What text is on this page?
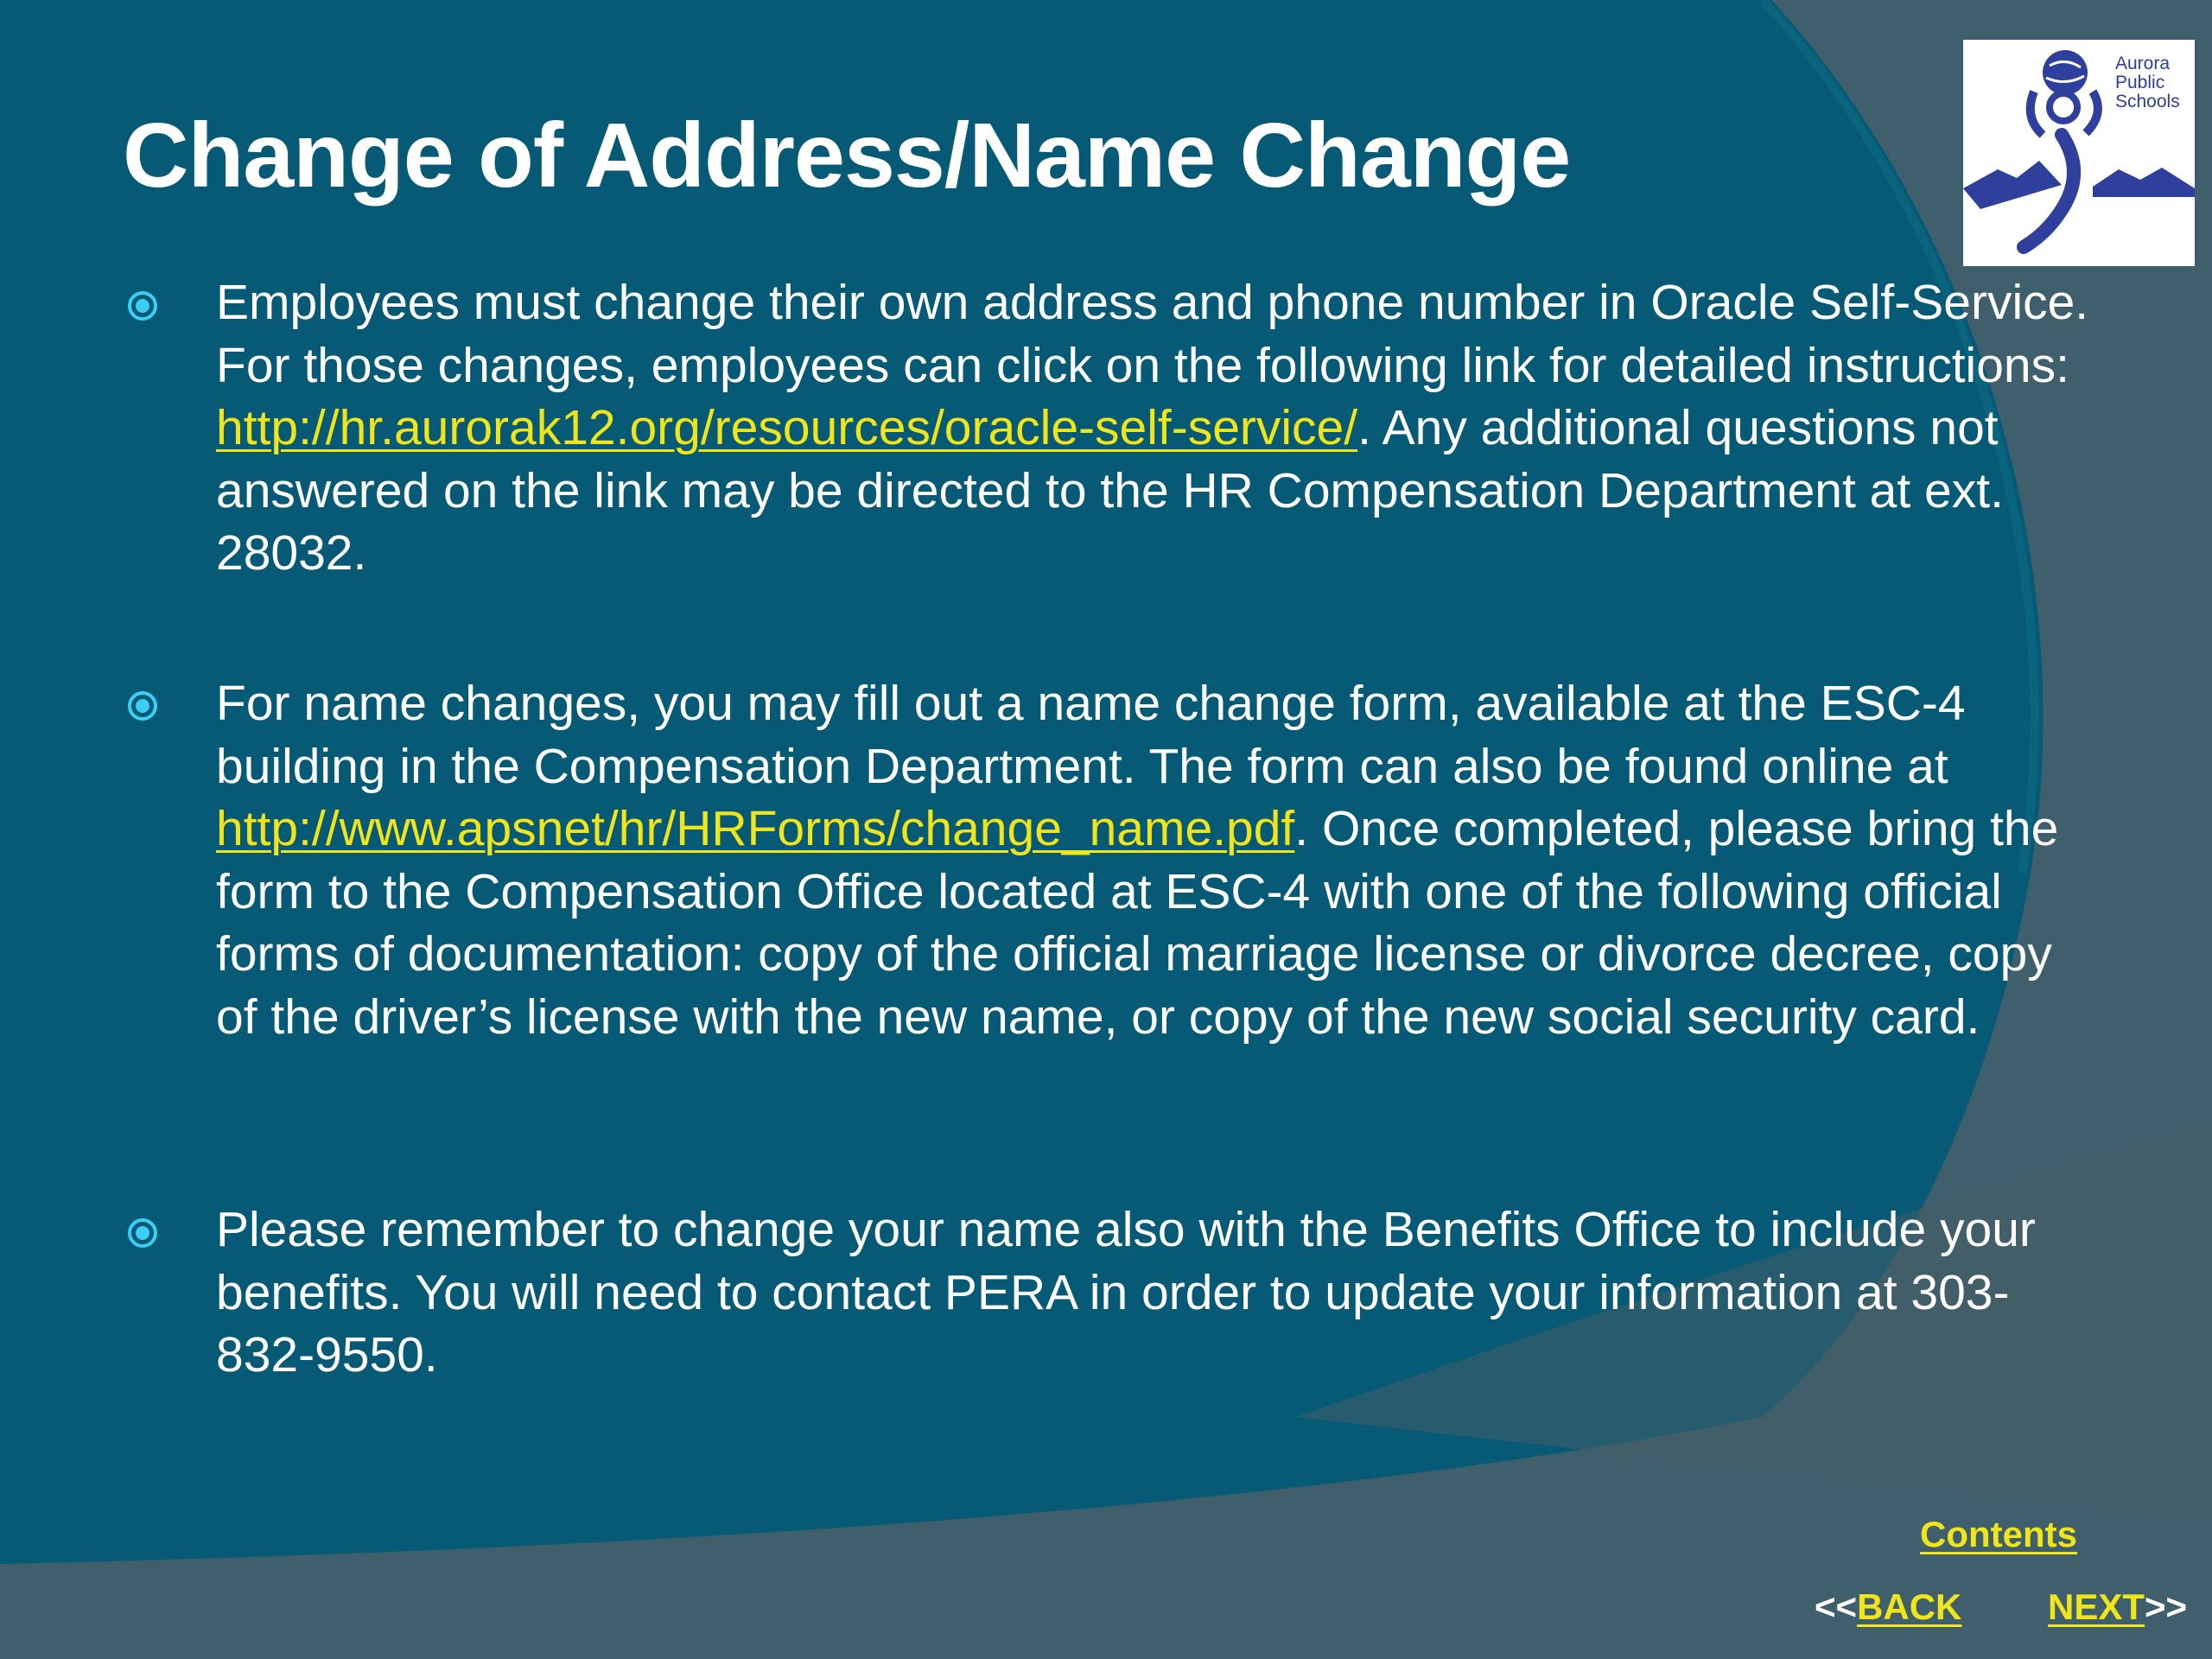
Change of Address/Name Change
Aurora
Public
Schools
Employees must change their own address and phone number in Oracle Self-Service. For those changes, employees can click on the following link for detailed instructions: http://hr.aurorak12.org/resources/oracle-self-service/. Any additional questions not answered on the link may be directed to the HR Compensation Department at ext. 28032.
For name changes, you may fill out a name change form, available at the ESC-4 building in the Compensation Department. The form can also be found online at http://www.apsnet/hr/HRForms/change_name.pdf. Once completed, please bring the form to the Compensation Office located at ESC-4 with one of the following official forms of documentation: copy of the official marriage license or divorce decree, copy of the driver’s license with the new name, or copy of the new social security card.
Please remember to change your name also with the Benefits Office to include your benefits. You will need to contact PERA in order to update your information at 303-832-9550.
Contents
<<BACK NEXT>>
